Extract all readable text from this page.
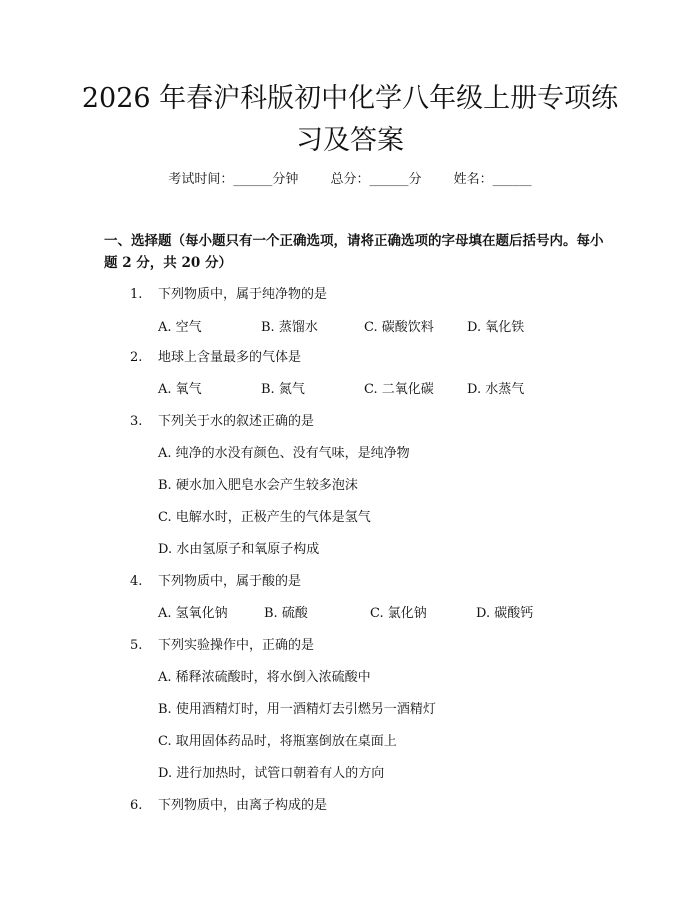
2026 年春沪科版初中化学八年级上册专项练习及答案
考试时间：______分钟 总分：______分 姓名：______
一、选择题（每小题只有一个正确选项，请将正确选项的字母填在题后括号内。每小题 2 分，共 20 分）
1. 下列物质中，属于纯净物的是
A. 空气	B. 蒸馏水	C. 碳酸饮料	D. 氧化铁
2. 地球上含量最多的气体是
A. 氧气	B. 氮气	C. 二氧化碳	D. 水蒸气
3. 下列关于水的叙述正确的是
A. 纯净的水没有颜色、没有气味，是纯净物
B. 硬水加入肥皂水会产生较多泡沫
C. 电解水时，正极产生的气体是氢气
D. 水由氢原子和氧原子构成
4. 下列物质中，属于酸的是
A. 氢氧化钠	B. 硫酸	C. 氯化钠	D. 碳酸钙
5. 下列实验操作中，正确的是
A. 稀释浓硫酸时，将水倒入浓硫酸中
B. 使用酒精灯时，用一酒精灯去引燃另一酒精灯
C. 取用固体药品时，将瓶塞倒放在桌面上
D. 进行加热时，试管口朝着有人的方向
6. 下列物质中，由离子构成的是
